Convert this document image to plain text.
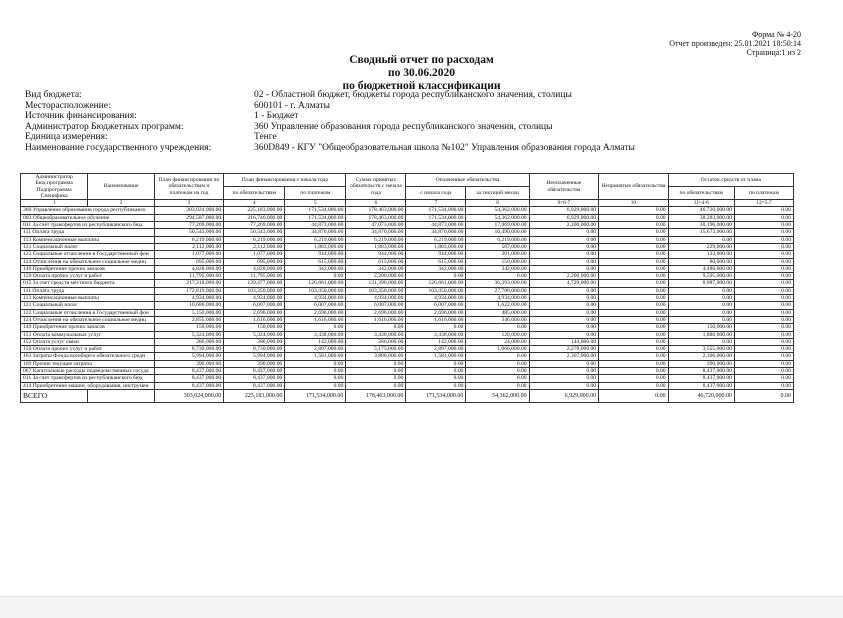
Форма № 4-20
Отчет произведен: 25.01.2021 18:50:14
Страница:1 из 2
Сводный отчет по расходам
по 30.06.2020
по бюджетной классификации
Вид бюджета:	02 - Областной бюджет, бюджеты города республиканского значения, столицы
Месторасположение:	600101 - г. Алматы
Источник финансирования:	1 - Бюджет
Администратор Бюджетных программ:	360 Управление образования города республиканского значения, столицы
Единица измерения:	Тенге
Наименование государственного учреждения:	360D849 - КГУ "Общеобразовательная школа №102" Управления образования города Алматы
Администратор Бюд.программа Подпрограмма Специфика	Наименование	План финансирования по обязательствам и платежам на год	План финансирования с начала года		Сумма принятых обязательств с начала года	Оплаченные обязательства		Неоплаченные обязательства	Непринятые обязательства	Остаток средств от плана	
			по обязательствам	по платежам		с начала года	за текущий месяц			по обязательствам	по платежам
1	2	3	4	5	6	7	8	9=6-7	10	11=4-6	12=5-7
360 Управление образования города республиканск		303,024,000.00	225,183,000.00	171,534,000.00	178,463,000.00	171,534,000.00	54,362,000.00	6,929,000.00	0.00	46,720,000.00	0.00
003 Общеобразовательное обучение		294,587,000.00	216,746,000.00	171,534,000.00	178,463,000.00	171,534,000.00	54,362,000.00	6,929,000.00	0.00	38,283,000.00	0.00
011 За счет трансфертов из республиканского бюд		77,269,000.00	77,269,000.00	44,873,000.00	47,073,000.00	44,873,000.00	17,969,000.00	2,200,000.00	0.00	30,196,000.00	0.00
111 Оплата труда		50,543,000.00	50,543,000.00	34,870,000.00	34,870,000.00	34,870,000.00	10,490,000.00	0.00	0.00	15,673,000.00	0.00
113 Компенсационные выплаты		6,219,000.00	6,219,000.00	6,219,000.00	6,219,000.00	6,219,000.00	6,219,000.00	0.00	0.00	0.00	0.00
121 Социальный налог		2,112,000.00	2,112,000.00	1,883,000.00	1,883,000.00	1,883,000.00	567,000.00	0.00	0.00	229,000.00	0.00
122 Социальные отчисления в Государственный фон		1,077,000.00	1,077,000.00	944,000.00	944,000.00	944,000.00	201,000.00	0.00	0.00	133,000.00	0.00
124 Отчисления на обязательное социальное медиц		695,000.00	695,000.00	615,000.00	615,000.00	615,000.00	150,000.00	0.00	0.00	80,000.00	0.00
149 Приобретение прочих запасов		4,828,000.00	4,828,000.00	342,000.00	342,000.00	342,000.00	342,000.00	0.00	0.00	4,486,000.00	0.00
159 Оплата прочих услуг и работ		11,795,000.00	11,795,000.00	0.00	2,200,000.00	0.00	0.00	2,200,000.00	0.00	9,595,000.00	0.00
015 За счет средств местного бюджета		217,318,000.00	139,477,000.00	126,661,000.00	131,390,000.00	126,661,000.00	36,393,000.00	4,729,000.00	0.00	8,087,000.00	0.00
111 Оплата труда		172,819,000.00	103,350,000.00	103,350,000.00	103,350,000.00	103,350,000.00	27,788,000.00	0.00	0.00	0.00	0.00
113 Компенсационные выплаты		4,934,000.00	4,934,000.00	4,934,000.00	4,934,000.00	4,934,000.00	4,934,000.00	0.00	0.00	0.00	0.00
121 Социальный налог		10,686,000.00	6,007,000.00	6,007,000.00	6,007,000.00	6,007,000.00	1,622,000.00	0.00	0.00	0.00	0.00
122 Социальные отчисления в Государственный фон		5,150,000.00	2,696,000.00	2,696,000.00	2,696,000.00	2,696,000.00	485,000.00	0.00	0.00	0.00	0.00
124 Отчисления на обязательное социальное медиц		2,855,000.00	1,616,000.00	1,616,000.00	1,616,000.00	1,616,000.00	346,000.00	0.00	0.00	0.00	0.00
149 Приобретение прочих запасов		150,000.00	150,000.00	0.00	0.00	0.00	0.00	0.00	0.00	150,000.00	0.00
151 Оплата коммунальных услуг		5,324,000.00	5,324,000.00	3,438,000.00	3,438,000.00	3,438,000.00	128,000.00	0.00	0.00	1,886,000.00	0.00
152 Оплата услуг связи		286,000.00	286,000.00	142,000.00	286,000.00	142,000.00	24,000.00	144,000.00	0.00	0.00	0.00
159 Оплата прочих услуг и работ		8,730,000.00	8,730,000.00	2,897,000.00	5,175,000.00	2,897,000.00	1,066,000.00	2,278,000.00	0.00	3,555,000.00	0.00
161 Затраты Фонда всеобщего обязательного средн		5,994,000.00	5,994,000.00	1,581,000.00	3,888,000.00	1,581,000.00	0.00	2,307,000.00	0.00	2,106,000.00	0.00
169 Прочие текущие затраты		390,000.00	390,000.00	0.00	0.00	0.00	0.00	0.00	0.00	390,000.00	0.00
067 Капитальные расходы подведомственных госуда		8,437,000.00	8,437,000.00	0.00	0.00	0.00	0.00	0.00	0.00	8,437,000.00	0.00
011 За счет трансфертов из республиканского бюд		8,437,000.00	8,437,000.00	0.00	0.00	0.00	0.00	0.00	0.00	8,437,000.00	0.00
414 Приобретение машин, оборудования, инструмен		8,437,000.00	8,437,000.00	0.00	0.00	0.00	0.00	0.00	0.00	8,437,000.00	0.00
ВСЕГО		303,024,000.00	225,183,000.00	171,534,000.00	178,463,000.00	171,534,000.00	54,362,000.00	6,929,000.00	0.00	46,720,000.00	0.00
